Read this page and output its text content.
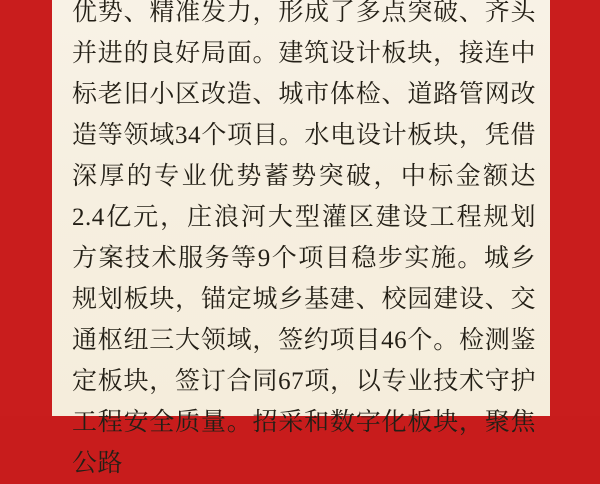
优势、精准发力，形成了多点突破、齐头并进的良好局面。建筑设计板块，接连中标老旧小区改造、城市体检、道路管网改造等领域34个项目。水电设计板块，凭借深厚的专业优势蓄势突破，中标金额达2.4亿元，庄浪河大型灌区建设工程规划方案技术服务等9个项目稳步实施。城乡规划板块，锚定城乡基建、校园建设、交通枢纽三大领域，签约项目46个。检测鉴定板块，签订合同67项，以专业技术守护工程安全质量。招采和数字化板块，聚焦公路
